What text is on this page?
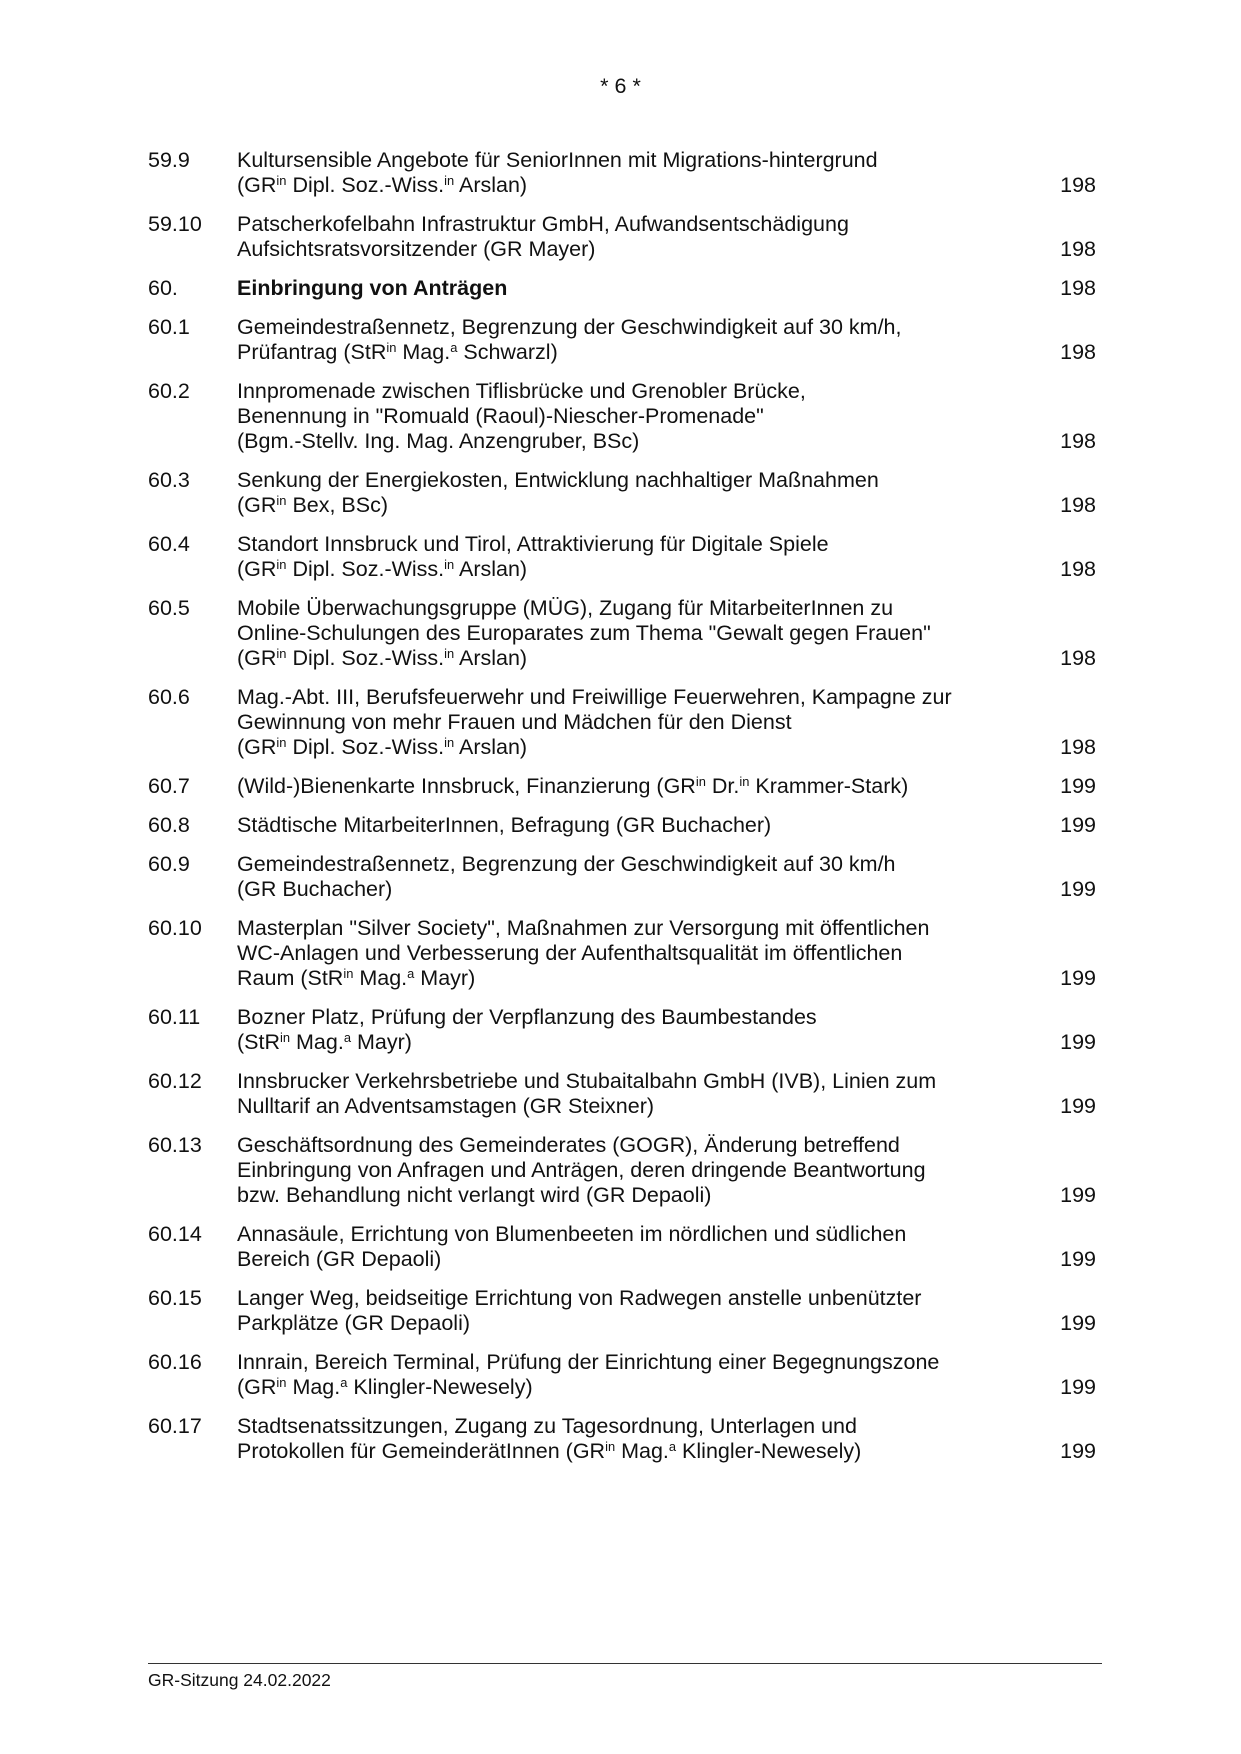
* 6 *
59.9 Kultursensible Angebote für SeniorInnen mit Migrations-hintergrund
($GR^{in}$ Dipl. Soz.-Wiss.$^{in}$ Arslan)	198
59.10 Patscherkofelbahn Infrastruktur GmbH, Aufwandsentschädigung
Aufsichtsratsvorsitzender (GR Mayer)	198
60.	Einbringung von Anträgen	198
60.1 Gemeindestraßennetz, Begrenzung der Geschwindigkeit auf 30 km/h,
Prüfantrag (StR$^{in}$ Mag.$^a$ Schwarzl)	198
60.2 Innpromenade zwischen Tiflisbrücke und Grenobler Brücke,
Benennung in "Romuald (Raoul)-Niescher-Promenade"
(Bgm.-Stellv. Ing. Mag. Anzengruber, BSc)	198
60.3 Senkung der Energiekosten, Entwicklung nachhaltiger Maßnahmen
($GR^{in}$ Bex, BSc)	198
60.4 Standort Innsbruck und Tirol, Attraktivierung für Digitale Spiele
($GR^{in}$ Dipl. Soz.-Wiss.$^{in}$ Arslan)	198
60.5 Mobile Überwachungsgruppe (MÜG), Zugang für MitarbeiterInnen zu
Online-Schulungen des Europarates zum Thema "Gewalt gegen Frauen"
($GR^{in}$ Dipl. Soz.-Wiss.$^{in}$ Arslan)	198
60.6 Mag.-Abt. III, Berufsfeuerwehr und Freiwillige Feuerwehren, Kampagne zur
Gewinnung von mehr Frauen und Mädchen für den Dienst
($GR^{in}$ Dipl. Soz.-Wiss.$^{in}$ Arslan)	198
60.7 (Wild-)Bienenkarte Innsbruck, Finanzierung ($GR^{in}$ Dr.$^{in}$ Krammer-Stark)	199
60.8 Städtische MitarbeiterInnen, Befragung (GR Buchacher)	199
60.9 Gemeindestraßennetz, Begrenzung der Geschwindigkeit auf 30 km/h
(GR Buchacher)	199
60.10 Masterplan "Silver Society", Maßnahmen zur Versorgung mit öffentlichen
WC-Anlagen und Verbesserung der Aufenthaltsqualität im öffentlichen
Raum (StR$^{in}$ Mag.$^a$ Mayr)	199
60.11 Bozner Platz, Prüfung der Verpflanzung des Baumbestandes
(StR$^{in}$ Mag.$^a$ Mayr)	199
60.12 Innsbrucker Verkehrsbetriebe und Stubaitalbahn GmbH (IVB), Linien zum
Nulltarif an Adventsamstagen (GR Steixner)	199
60.13 Geschäftsordnung des Gemeinderates (GOGR), Änderung betreffend
Einbringung von Anfragen und Anträgen, deren dringende Beantwortung
bzw. Behandlung nicht verlangt wird (GR Depaoli)	199
60.14 Annasäule, Errichtung von Blumenbeeten im nördlichen und südlichen
Bereich (GR Depaoli)	199
60.15 Langer Weg, beidseitige Errichtung von Radwegen anstelle unbenützter
Parkplätze (GR Depaoli)	199
60.16 Innrain, Bereich Terminal, Prüfung der Einrichtung einer Begegnungszone
($GR^{in}$ Mag.$^a$ Klingler-Newesely)	199
60.17 Stadtsenatssitzungen, Zugang zu Tagesordnung, Unterlagen und
Protokollen für GemeinderätInnen ($GR^{in}$ Mag.$^a$ Klingler-Newesely)	199
GR-Sitzung 24.02.2022
